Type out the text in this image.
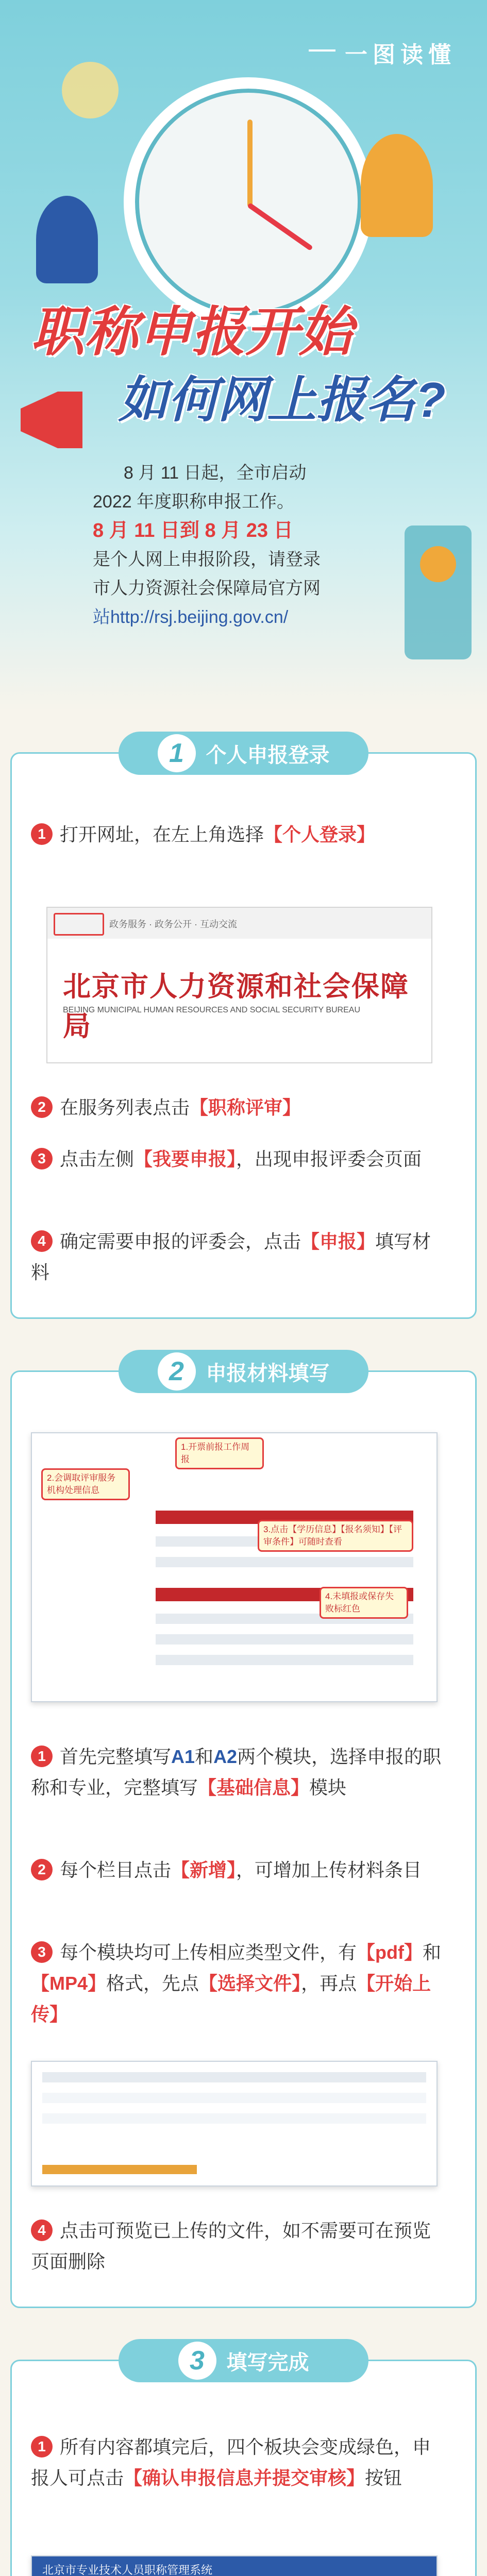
一图读懂
职称申报开始
如何网上报名?
8 月 11 日起，全市启动
2022 年度职称申报工作。
8 月 11 日到 8 月 23 日
是个人网上申报阶段，请登录
市人力资源社会保障局官方网
站http://rsj.beijing.gov.cn/
1	个人申报登录
1 打开网址，在左上角选择【个人登录】
政务服务 · 政务公开 · 互动交流
北京市人力资源和社会保障局
BEIJING MUNICIPAL HUMAN RESOURCES AND SOCIAL SECURITY BUREAU
2 在服务列表点击【职称评审】
3 点击左侧【我要申报】，出现申报评委会页面
4 确定需要申报的评委会，点击【申报】填写材料
2	申报材料填写
1.开票前报工作周报
2.会调取评审服务机构处理信息
3.点击【学历信息】【报名须知】【评审条件】可随时查看
4.未填报或保存失败标红色
1 首先完整填写A1和A2两个模块，选择申报的职称和专业，完整填写【基础信息】模块
2 每个栏目点击【新增】，可增加上传材料条目
3 每个模块均可上传相应类型文件，有【pdf】和【MP4】格式，先点【选择文件】，再点【开始上传】
4 点击可预览已上传的文件，如不需要可在预览页面删除
3	填写完成
1 所有内容都填完后，四个板块会变成绿色，申报人可点击【确认申报信息并提交审核】按钮
北京市专业技术人员职称管理系统
